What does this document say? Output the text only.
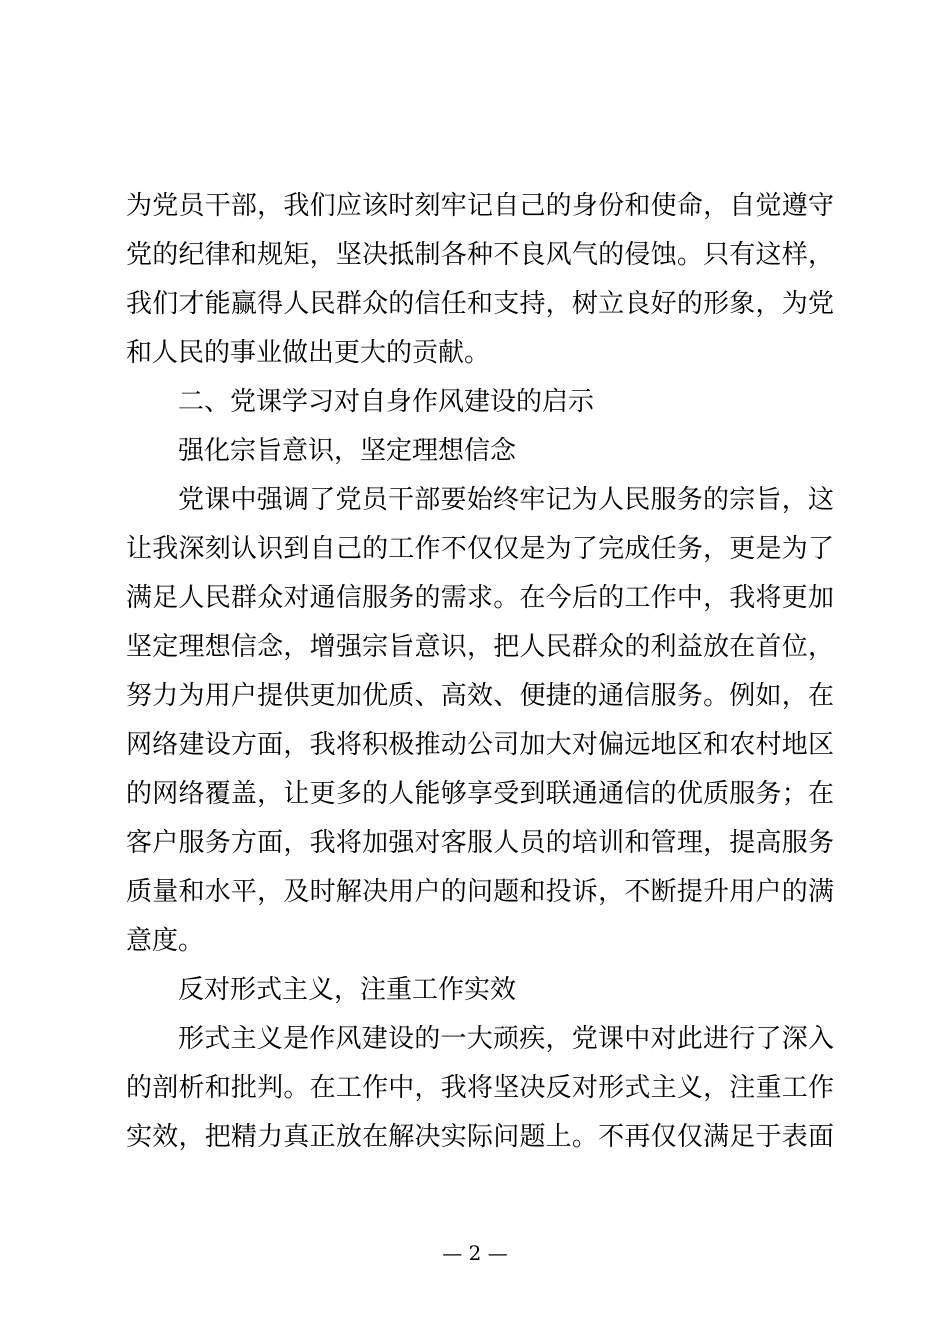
为党员干部，我们应该时刻牢记自己的身份和使命，自觉遵守
党的纪律和规矩，坚决抵制各种不良风气的侵蚀。只有这样，
我们才能赢得人民群众的信任和支持，树立良好的形象，为党
和人民的事业做出更大的贡献。
二、党课学习对自身作风建设的启示
强化宗旨意识，坚定理想信念
党课中强调了党员干部要始终牢记为人民服务的宗旨，这
让我深刻认识到自己的工作不仅仅是为了完成任务，更是为了
满足人民群众对通信服务的需求。在今后的工作中，我将更加
坚定理想信念，增强宗旨意识，把人民群众的利益放在首位，
努力为用户提供更加优质、高效、便捷的通信服务。例如，在
网络建设方面，我将积极推动公司加大对偏远地区和农村地区
的网络覆盖，让更多的人能够享受到联通通信的优质服务；在
客户服务方面，我将加强对客服人员的培训和管理，提高服务
质量和水平，及时解决用户的问题和投诉，不断提升用户的满
意度。
反对形式主义，注重工作实效
形式主义是作风建设的一大顽疾，党课中对此进行了深入
的剖析和批判。在工作中，我将坚决反对形式主义，注重工作
实效，把精力真正放在解决实际问题上。不再仅仅满足于表面
— 2 —
